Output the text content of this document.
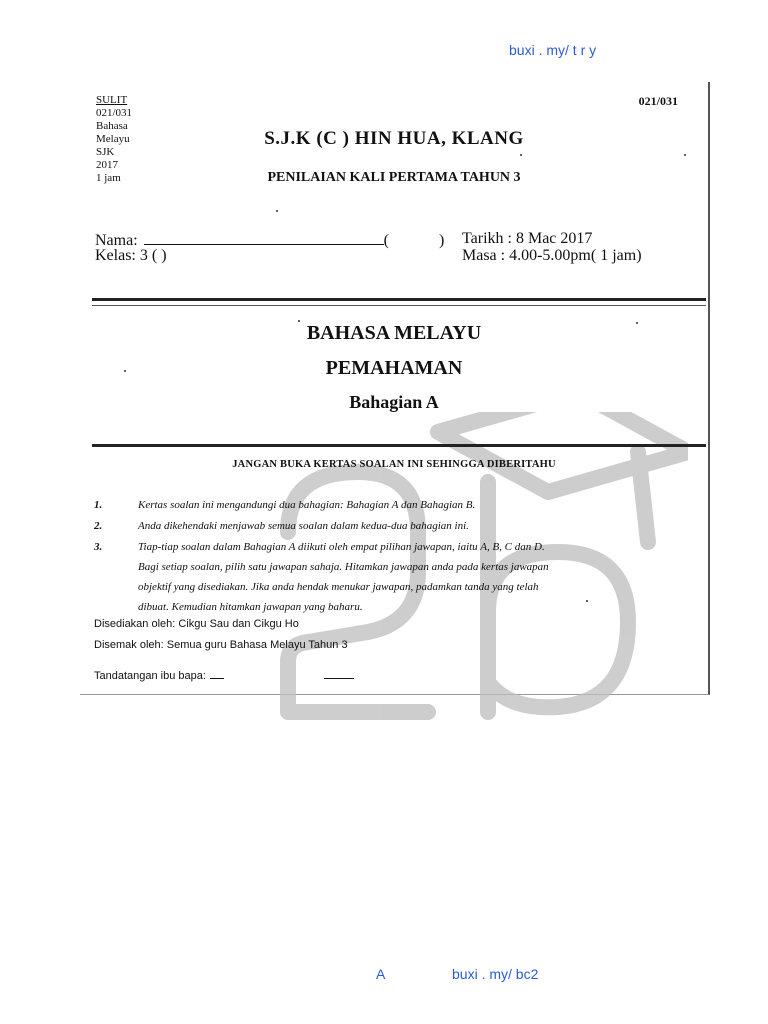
buxi . my/ t r y
SULIT
021/031
Bahasa
Melayu
SJK
2017
1 jam
021/031
S.J.K (C ) HIN HUA, KLANG
PENILAIAN KALI PERTAMA TAHUN 3
Nama:	(	)
Kelas: 3 ( )
Tarikh : 8 Mac 2017
Masa : 4.00-5.00pm( 1 jam)
BAHASA MELAYU
PEMAHAMAN
Bahagian A
JANGAN BUKA KERTAS SOALAN INI SEHINGGA DIBERITAHU
1.	Kertas soalan ini mengandungi dua bahagian: Bahagian A dan Bahagian B.
2.	Anda dikehendaki menjawab semua soalan dalam kedua-dua bahagian ini.
3.	Tiap-tiap soalan dalam Bahagian A diikuti oleh empat pilihan jawapan, iaitu A, B, C dan D.
Bagi setiap soalan, pilih satu jawapan sahaja. Hitamkan jawapan anda pada kertas jawapan
objektif yang disediakan. Jika anda hendak menukar jawapan, padamkan tanda yang telah
dibuat. Kemudian hitamkan jawapan yang baharu.
Disediakan oleh: Cikgu Sau dan Cikgu Ho
Disemak oleh: Semua guru Bahasa Melayu Tahun 3
Tandatangan ibu bapa:
A	buxi . my/ bc2
